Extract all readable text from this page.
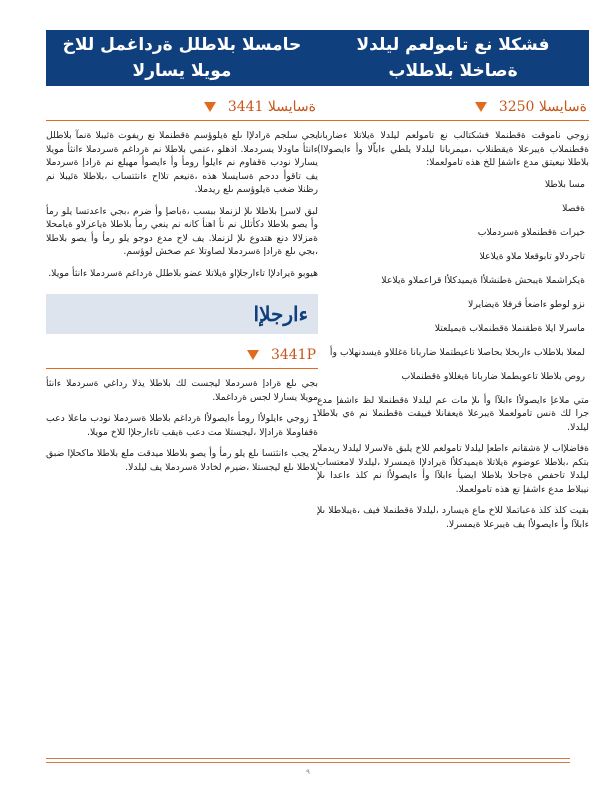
فشكلا نع تامولعم ليلدلا
ةصاخلا بلاطلاب
ةسايسلا 3250

زوجي ناموقت ةقطنملا فشكتالب نع تامولعم ليلدلا ةيلاتلا ءضاربانا ةقطنملاب ةيبرعلا ةيقطنلاب ،ميمربانا ليلدلا يلطي ءاباّلا وأ ءايصولاا) بلاطلا نيعيتق مدع ءاشفإ للخ هذه تامولعملا:

مسا بلاطلا
ةفصلا
خيرات ةقطنملاو ةسردملاب
تاجردلاو تابوقعلا ملاو ةيلاعلا
ةيكراشملا ةيبحش ةطنشلأا ةيميدكلأا قراعملاو ةيلاعلا
نزو لوطو ءاضعأ قرفلا ةيضايرلا
ماسرلا ايلا ةطقنملا ةقطنملاب ةيميلعتلا
لمعلا بلاطلاب ءاربخلا بحاصلا تاعيطتملا ضاربانا ةغللاو ةيسدنهلاب وأ
روص بلاطلا تاعوبطملا ضاربانا ةيغللاو ةقطنملاب

متي ملاعإ ءايصولأا ءابلآا وأ ىلإ مات عم ليلدلا ةقطنملا لظ ءاشفإ مدع جرا لك ةنس تامولعملا ةيبرعلا ةيعفانلا فييقت ةقطنملا نم ةي بلاطلا ليلدلا.

ةفاضلإاب لإ ةشقانم ءاطعإ ليلدلا تامولعم للاخ يلبق ةلاسرلا ليلدلا ريدملا بتكم ،بلاطلا عوضوم ةيلاتلا ةيميدكلأا ةيرادلإا ةيمسرلا ،ليلدلا لامعتساب ليلدلا تاحفص ةجاحلا بلاطلا ايضيأ ءابلآا وأ ءايصولأا نم كلذ ءاعدا ىلإ نيبلاط مدع ءاشفإ نع هذه تامولعملا.

بقيت كلذ كلذ ةعباتملا للاخ ماع ةيسارد ،ليلدلا ةقطنملا فيف ،ةيبلاطلا ىلإ ءابلآا وأ ءايصولأا يف ةيبرعلا ةيمسرلا.

حامسلا بلاطلل ةرداغمل للاخ
مويلا يسارلا
ةسايسلا 3441

يجي سلجم ةرادلإا ىلع ةيلوؤسم ةقطنملا نع ريفوت ةئيبلا ةنمآ بلاطلل ءانثأ ماودلا يسردملا. اذهلو ،عنمي بلاطلا نم ةرداغم ةسردملا ءانثأ مويلا يسارلا نودب ةقفاوم نم ءايلوأ رومأ وأ ءايصوأ مهيلع نم ةرادإ ةسردملا يف تاقوأ ددحم ةسايسلا هذه ،ةنيعم تلااح ءانثتساب ،بلاطلا ةئيبلا نم رظنلا ضغب ةيلوؤسم ىلع ريدملا.

لبق لاسرإ بلاطلا ىلإ لزنملا ببسب ،ةباصإ وأ ضرم ،بجي ءاعدتسا يلو رمأ وأ يصو بلاطلا دكأتلل نم نأ اهنأ كانه نم ينعي رمأ بلاطلا ةياعرلاو ةيامحلا ةمزلالا دنع هتدوع ىلإ لزنملا. يف لاح مدع دوجو يلو رمأ وأ يصو بلاطلا ،بجي ىلع ةرادإ ةسردملا لصاوتلا عم صخش لوؤسم.

هيوبو ةيرادلإا تاءارجلإاو ةيلاتلا عضو بلاطلل ةرداغم ةسردملا ءانثأ مويلا.

ءارجلإا
3441P

بجي ىلع ةرادإ ةسردملا ليجست لك بلاطلا يذلا رداغي ةسردملا ءانثأ مويلا يسارلا لجس ةرداغملا.

1 زوجي ءايلولأا رومأ ءايصولأا ةرداغم بلاطلا ةسردملا نودب ماعلا دعب ةقفاوملا ةرادإلا ،ليجستلا مت دعب ةيقب تاءارجلإا للاخ مويلا.

2 يجب ءانثتسا ىلع يلو رمأ وأ يصو بلاطلا ميدقت ملع بلاطلا ماكحلإا ضبق بلاطلا ىلع ليجستلا ،ضيرم لخادلا ةسردملا يف ليلدلا.

٩
